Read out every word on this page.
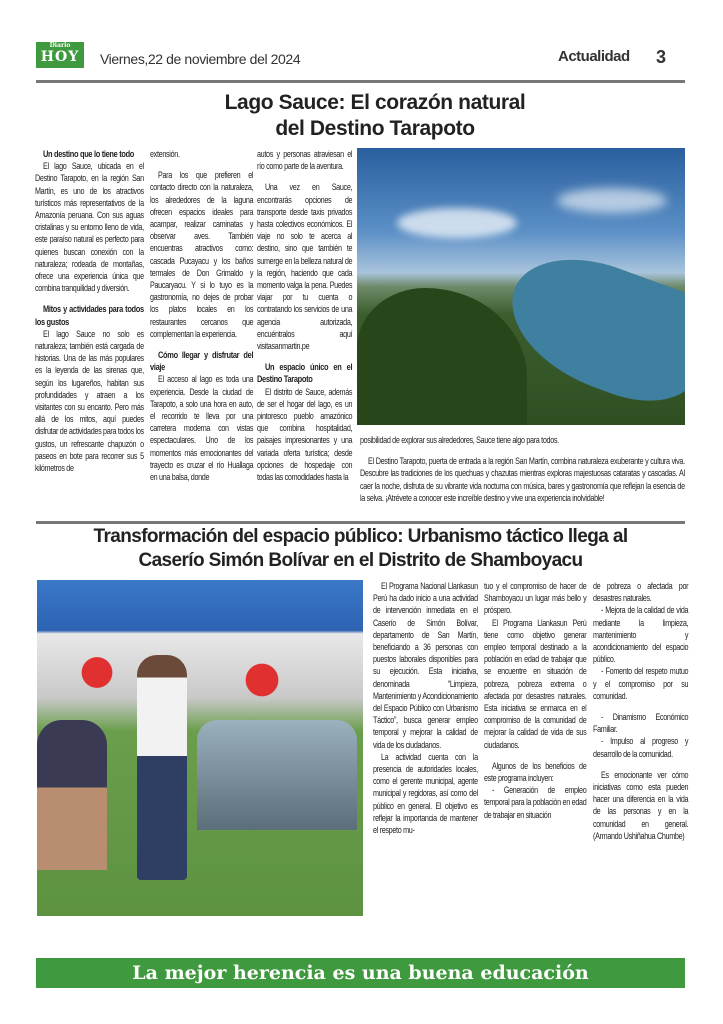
Diario
HOY	Viernes,22 de noviembre del 2024	Actualidad 3
Lago Sauce: El corazón natural
del Destino Tarapoto
Un destino que lo tiene todo

El lago Sauce, ubicada en el Destino Tarapoto, en la región San Martín, es uno de los atractivos turísticos más representativos de la Amazonía peruana. Con sus aguas cristalinas y su entorno lleno de vida, este paraíso natural es perfecto para quienes buscan conexión con la naturaleza; rodeada de montañas, ofrece una experiencia única que combina tranquilidad y diversión.

Mitos y actividades para todos los gustos

El lago Sauce no solo es naturaleza; también está cargada de historias. Una de las más populares es la leyenda de las sirenas que, según los lugareños, habitan sus profundidades y atraen a los visitantes con su encanto. Pero más allá de los mitos, aquí puedes disfrutar de actividades para todos los gustos, un refrescante chapuzón o paseos en bote para recorrer sus 5 kilómetros de

extensión.

Para los que prefieren el contacto directo con la naturaleza, los alrededores de la laguna ofrecen espacios ideales para acampar, realizar caminatas y observar aves. También encuentras atractivos como: cascada Pucayacu y los baños termales de Don Grimaldo y Paucaryacu. Y si lo tuyo es la gastronomía, no dejes de probar los platos locales en los restaurantes cercanos que complementan la experiencia.

Cómo llegar y disfrutar del viaje

El acceso al lago es toda una experiencia. Desde la ciudad de Tarapoto, a solo una hora en auto, el recorrido te lleva por una carretera moderna con vistas espectaculares. Uno de los momentos más emocionantes del trayecto es cruzar el río Huallaga en una balsa, donde

autos y personas atraviesan el río como parte de la aventura.

Una vez en Sauce, encontrarás opciones de transporte desde taxis privados hasta colectivos económicos. El viaje no solo te acerca al destino, sino que también te sumerge en la belleza natural de la región, haciendo que cada momento valga la pena. Puedes viajar por tu cuenta o contratando los servicios de una agencia autorizada, encuéntralos aquí visitasanmartin.pe

Un espacio único en el Destino Tarapoto

El distrito de Sauce, además de ser el hogar del lago, es un pintoresco pueblo amazónico que combina hospitalidad, paisajes impresionantes y una variada oferta turística; desde opciones de hospedaje con todas las comodidades hasta la

posibilidad de explorar sus alrededores, Sauce tiene algo para todos.

El Destino Tarapoto, puerta de entrada a la región San Martín, combina naturaleza exuberante y cultura viva. Descubre las tradiciones de los quechuas y chazutas mientras exploras majestuosas cataratas y cascadas. Al caer la noche, disfruta de su vibrante vida nocturna con música, bares y gastronomía que reflejan la esencia de la selva. ¡Atrévete a conocer este increíble destino y vive una experiencia inolvidable!

Transformación del espacio público: Urbanismo táctico llega al
Caserío Simón Bolívar en el Distrito de Shamboyacu

El Programa Nacional Llankasun Perú ha dado inicio a una actividad de intervención inmediata en el Caserío de Simón Bolívar, departamento de San Martín, beneficiando a 36 personas con puestos laborales disponibles para su ejecución. Esta iniciativa, denominada “Limpieza, Mantenimiento y Acondicionamiento del Espacio Público con Urbanismo Táctico”, busca generar empleo temporal y mejorar la calidad de vida de los ciudadanos.

La actividad cuenta con la presencia de autoridades locales, como el gerente municipal, agente municipal y regidoras, así como del público en general. El objetivo es reflejar la importancia de mantener el respeto mu-

tuo y el compromiso de hacer de Shamboyacu un lugar más bello y próspero.

El Programa Llankasun Perú tiene como objetivo generar empleo temporal destinado a la población en edad de trabajar que se encuentre en situación de pobreza, pobreza extrema o afectada por desastres naturales. Esta iniciativa se enmarca en el compromiso de la comunidad de mejorar la calidad de vida de sus ciudadanos.

Algunos de los beneficios de este programa incluyen:

- Generación de empleo temporal para la población en edad de trabajar en situación

de pobreza o afectada por desastres naturales.

- Mejora de la calidad de vida mediante la limpieza, mantenimiento y acondicionamiento del espacio público.

- Fomento del respeto mutuo y el compromiso por su comunidad.

- Dinamismo Económico Familiar.

- Impulso al progreso y desarrollo de la comunidad.

Es emocionante ver cómo iniciativas como esta pueden hacer una diferencia en la vida de las personas y en la comunidad en general. (Armando Ushiñahua Chumbe)

La mejor herencia es una buena educación
